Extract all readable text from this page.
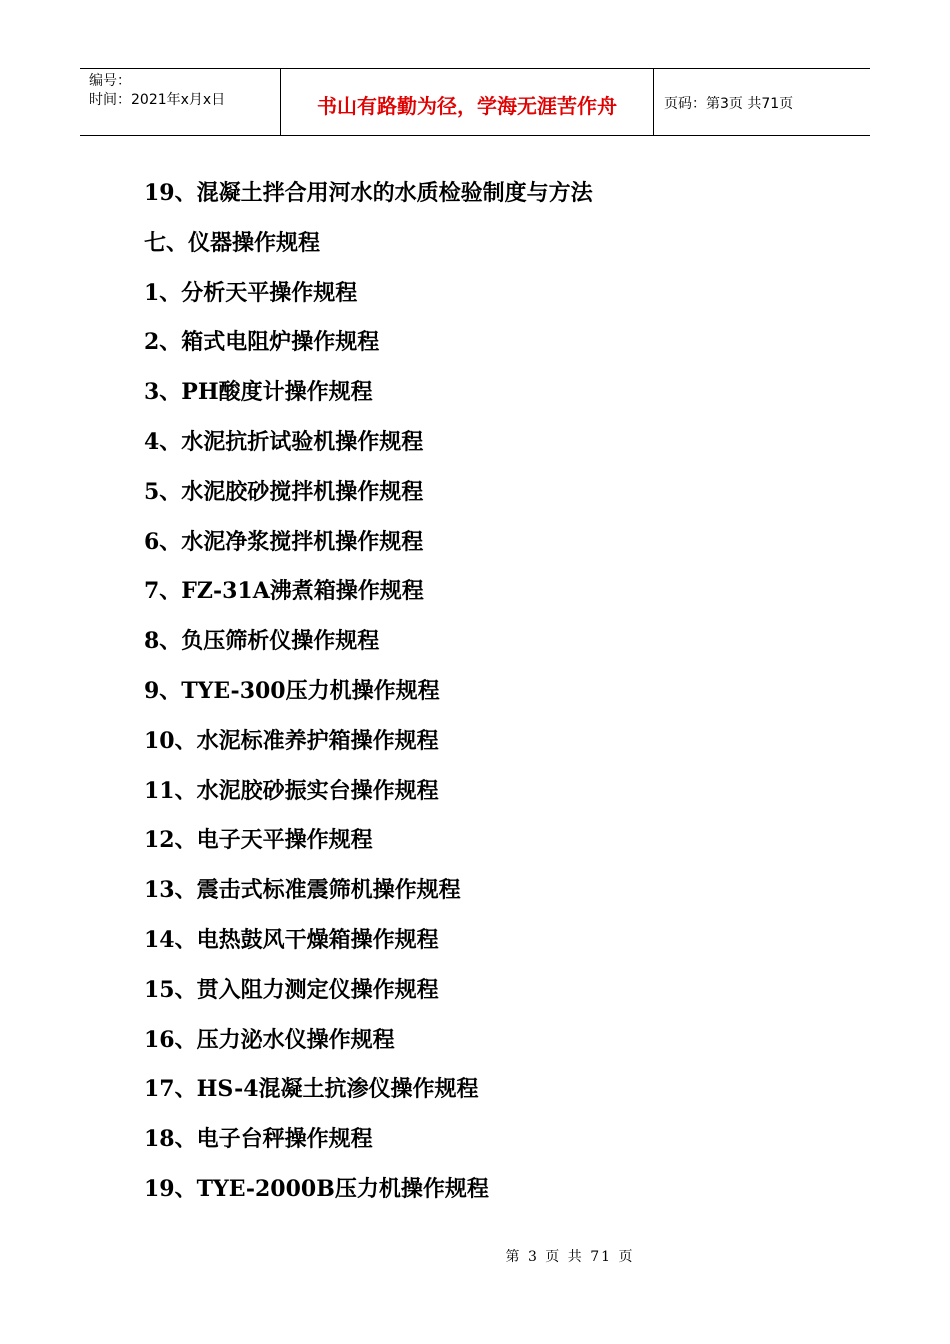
编号：
时间：2021年x月x日	书山有路勤为径，学海无涯苦作舟	页码：第3页 共71页
19、混凝土拌合用河水的水质检验制度与方法
七、仪器操作规程
1、分析天平操作规程
2、箱式电阻炉操作规程
3、PH酸度计操作规程
4、水泥抗折试验机操作规程
5、水泥胶砂搅拌机操作规程
6、水泥净浆搅拌机操作规程
7、FZ-31A沸煮箱操作规程
8、负压筛析仪操作规程
9、TYE-300压力机操作规程
10、水泥标准养护箱操作规程
11、水泥胶砂振实台操作规程
12、电子天平操作规程
13、震击式标准震筛机操作规程
14、电热鼓风干燥箱操作规程
15、贯入阻力测定仪操作规程
16、压力泌水仪操作规程
17、HS-4混凝土抗渗仪操作规程
18、电子台秤操作规程
19、TYE-2000B压力机操作规程
第 3 页 共 71 页
